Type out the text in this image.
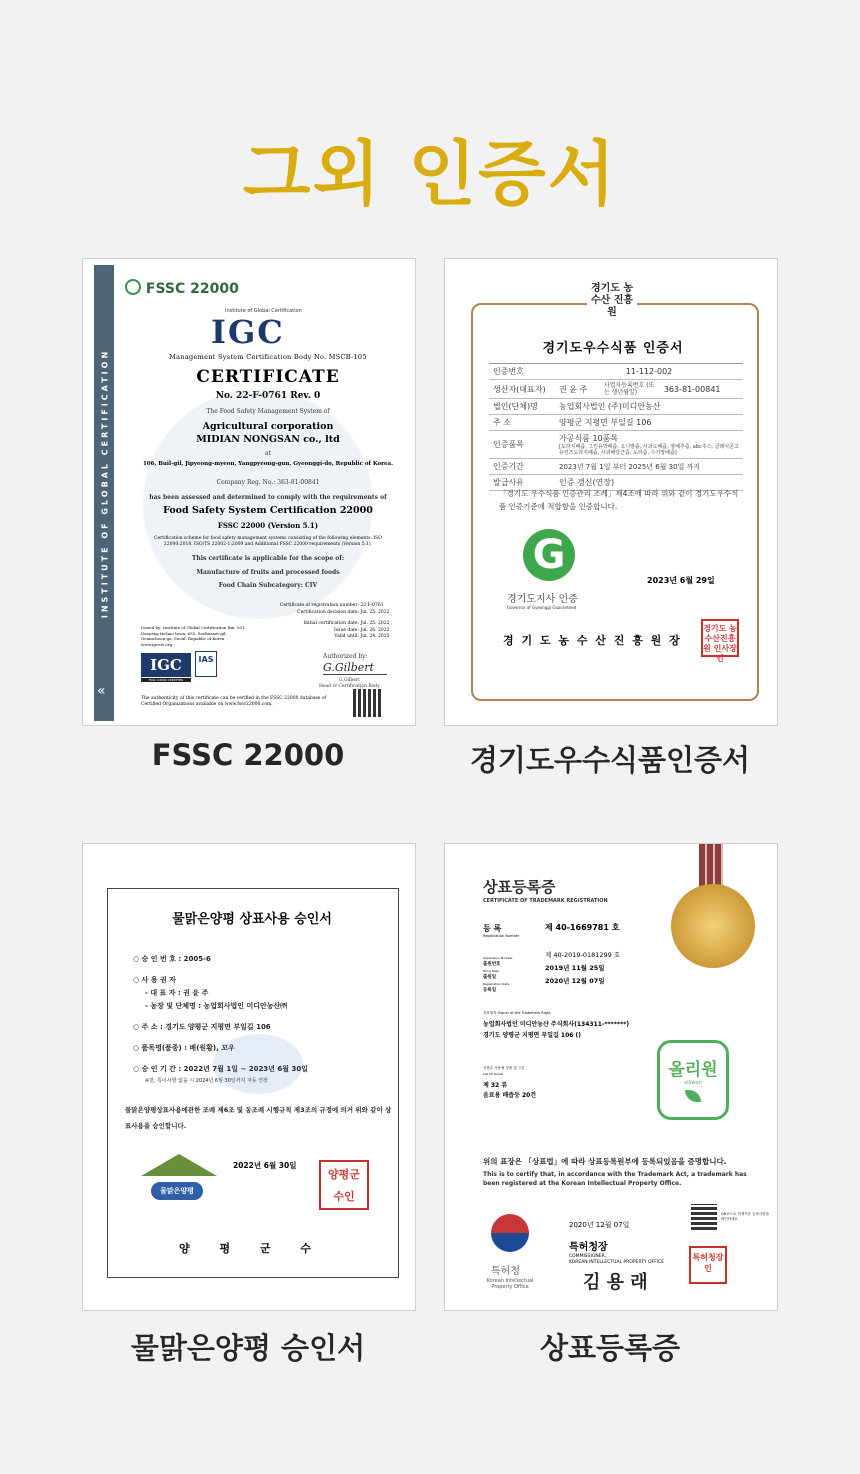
그외 인증서
INSTITUTE OF GLOBAL CERTIFICATION
«
FSSC 22000
Institute of Global Certification
IGC
Management System Certification Body No. MSCB-105
CERTIFICATE
No. 22-F-0761 Rev. 0
The Food Safety Management System of
Agricultural corporation
MIDIAN NONGSAN co., ltd
at
106, Buil-gil, Jipyeong-myeon, Yangpyeong-gun, Gyeonggi-do, Republic of Korea.
Company Reg. No.: 363-81-00841
has been assessed and determined to comply with the requirements of
Food Safety System Certification 22000
FSSC 22000 (Version 5.1)
Certification scheme for food safety management systems consisting of the following elements: ISO 22000:2018, ISO/TS 22002-1:2009 and Additional FSSC 22000 requirements (Version 5.1).
This certificate is applicable for the scope of:
Manufacture of fruits and processed foods
Food Chain Subcategory: CIV
Certificate of registration number: 22-F-0761
Certification decision date: Jul. 25. 2022
Initial certification date: Jul. 25. 2022
Issue date: Jul. 26. 2022
Valid until: Jul. 24. 2025
Issued by: Institute of Global Certification Rm. 501, Daeyang techno town, 635, Seobusaet-gil, Geumcheon-gu, Seoul, Republic of Korea www.igcert.org
IGC	IAS
FSSC 22000 CERTIFIED
Authorized by:
G.Gilbert
G.Gilbert
Head of Certification Body
The authenticity of this certificate can be verified in the FSSC 22000 database of Certified Organizations available on www.fssc22000.com.
FSSC 22000
경기도 농수산 진흥원
경기도우수식품 인증서
인증번호	11-112-002		
생산자(대표자)	권 윤 주	사업자등록번호 (또는 생년월일)	363-81-00841
법인(단체)명	농업회사법인 (주)미디안농산		
주 소	양평군 지평면 부일길 106		
인증품목	가공식품 10품목
[도라지배즙, 그린유박배즙, 오디발즙, 사과도배즙, 양배추즙, abc주스, 클레식콘고유린즈도라지배즙, 사과배당근즙, 도라즙, 수기망배즙]		

인증기간	2023년 7월 1일 부터 2025년 6월 30일 까지		
발급사유	인증 갱신(연장)		
「경기도 우수식품 인증관리 조례」제4조에 따라 위와 같이 경기도우수식품 인증기준에 적합함을 인증합니다.
G
경기도지사 인증
Governor of Gyeonggi Guaranteed
2023년 6월 29일
경 기 도 농 수 산 진 흥 원 장
경기도 농수산진흥원 인사장인
경기도우수식품인증서
물맑은양평 상표사용 승인서
○ 승 인 번 호 : 2005-6
○ 사 용 권 자
- 대 표 자 : 권 윤 주
- 농장 및 단체명 : 농업회사법인 미디안농산㈜
○ 주 소 : 경기도 양평군 지평면 부일길 106
○ 품목명(품종) : 배(원황), 꼬우
○ 승 인 기 간 : 2022년 7월 1일 ~ 2023년 6월 30일
※만, 특이사항 없을 시 2024년 6월 30일까지 자동 연장
물맑은양평상표사용에관한 조례 제6조 및 동조례 시행규칙 제3조의 규정에 의거 위와 같이 상표사용을 승인합니다.
물맑은양평
2022년 6월 30일
양평군 수인
양 평 군 수
물맑은양평 승인서
상표등록증
CERTIFICATE OF TRADEMARK REGISTRATION
등 록
Registration Number
제 40-1669781 호
출원번호
Application Number	제 40-2019-0181299 호
출원일
Filing Date	2019년 11월 25일
등록일
Registration Date	2020년 12월 07일
상표권자 Owner of the Trademark Right
농업회사법인 미디안농산 주식회사(134311-*******)
경기도 양평군 지평면 부일길 106 ()
상품류 사용될 상품 및 구분
List Of Goods
제 32 류
음료용 배즙등 20건
올리원
olliwon
위의 표장은 「상표법」에 따라 상표등록원부에 등록되었음을 증명합니다.
This is to certify that, in accordance with the Trademark Act, a trademark has been registered at the Korean Intellectual Property Office.
QR코드로 현재기준 등록사항을 확인하세요
특허청
Korean Intellectual Property Office
2020년 12월 07일
특허청장
COMMISSIONER,
KOREAN INTELLECTUAL PROPERTY OFFICE
김 용 래
특허청장인
상표등록증
